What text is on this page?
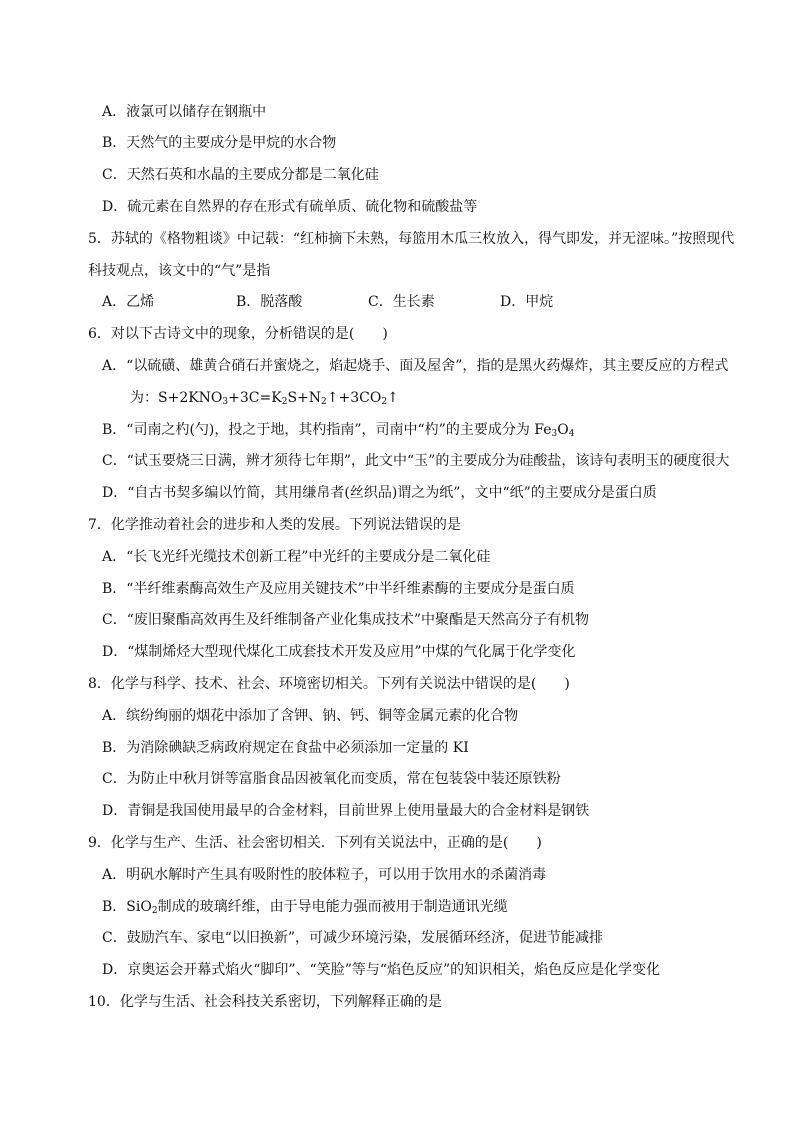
A．液氯可以储存在钢瓶中
B．天然气的主要成分是甲烷的水合物
C．天然石英和水晶的主要成分都是二氧化硅
D．硫元素在自然界的存在形式有硫单质、硫化物和硫酸盐等
5．苏轼的《格物粗谈》中记载：“红柿摘下未熟，每篮用木瓜三枚放入，得气即发，并无涩味。”按照现代
科技观点，该文中的“气”是指
A．乙烯	B．脱落酸	C．生长素	D．甲烷
6．对以下古诗文中的现象，分析错误的是(　　)
A．“以硫磺、雄黄合硝石并蜜烧之，焰起烧手、面及屋舍”，指的是黑火药爆炸，其主要反应的方程式
为：$S+2KNO_3+3C=K_2S+N_2↑+3CO_2↑$
B．“司南之杓(勺)，投之于地，其杓指南”，司南中“杓”的主要成分为 $Fe_3O_4$
C．“试玉要烧三日满，辨才须待七年期”，此文中“玉”的主要成分为硅酸盐，该诗句表明玉的硬度很大
D．“自古书契多编以竹简，其用缣帛者(丝织品)谓之为纸”，文中“纸”的主要成分是蛋白质
7．化学推动着社会的进步和人类的发展。下列说法错误的是
A．“长飞光纤光缆技术创新工程”中光纤的主要成分是二氧化硅
B．“半纤维素酶高效生产及应用关键技术”中半纤维素酶的主要成分是蛋白质
C．“废旧聚酯高效再生及纤维制备产业化集成技术”中聚酯是天然高分子有机物
D．“煤制烯烃大型现代煤化工成套技术开发及应用”中煤的气化属于化学变化
8．化学与科学、技术、社会、环境密切相关。下列有关说法中错误的是(　　)
A．缤纷绚丽的烟花中添加了含钾、钠、钙、铜等金属元素的化合物
B．为消除碘缺乏病政府规定在食盐中必须添加一定量的 KI
C．为防止中秋月饼等富脂食品因被氧化而变质，常在包装袋中装还原铁粉
D．青铜是我国使用最早的合金材料，目前世界上使用量最大的合金材料是钢铁
9．化学与生产、生活、社会密切相关．下列有关说法中，正确的是(　　)
A．明矾水解时产生具有吸附性的胶体粒子，可以用于饮用水的杀菌消毒
B．SiO$_2$制成的玻璃纤维，由于导电能力强而被用于制造通讯光缆
C．鼓励汽车、家电“以旧换新”，可减少环境污染，发展循环经济，促进节能减排
D．京奥运会开幕式焰火“脚印”、“笑脸”等与“焰色反应”的知识相关，焰色反应是化学变化
10．化学与生活、社会科技关系密切，下列解释正确的是
